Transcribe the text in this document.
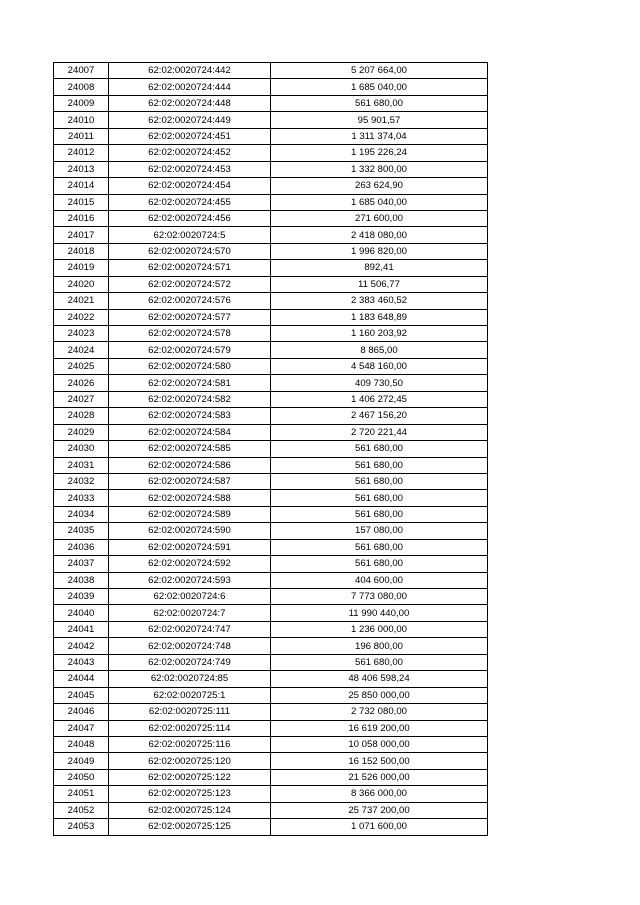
24007	62:02:0020724:442	5 207 664,00
24008	62:02:0020724:444	1 685 040,00
24009	62:02:0020724:448	561 680,00
24010	62:02:0020724:449	95 901,57
24011	62:02:0020724:451	1 311 374,04
24012	62:02:0020724:452	1 195 226,24
24013	62:02:0020724:453	1 332 800,00
24014	62:02:0020724:454	263 624,90
24015	62:02:0020724:455	1 685 040,00
24016	62:02:0020724:456	271 600,00
24017	62:02:0020724:5	2 418 080,00
24018	62:02:0020724:570	1 996 820,00
24019	62:02:0020724:571	892,41
24020	62:02:0020724:572	11 506,77
24021	62:02:0020724:576	2 383 460,52
24022	62:02:0020724:577	1 183 648,89
24023	62:02:0020724:578	1 160 203,92
24024	62:02:0020724:579	8 865,00
24025	62:02:0020724:580	4 548 160,00
24026	62:02:0020724:581	409 730,50
24027	62:02:0020724:582	1 406 272,45
24028	62:02:0020724:583	2 467 156,20
24029	62:02:0020724:584	2 720 221,44
24030	62:02:0020724:585	561 680,00
24031	62:02:0020724:586	561 680,00
24032	62:02:0020724:587	561 680,00
24033	62:02:0020724:588	561 680,00
24034	62:02:0020724:589	561 680,00
24035	62:02:0020724:590	157 080,00
24036	62:02:0020724:591	561 680,00
24037	62:02:0020724:592	561 680,00
24038	62:02:0020724:593	404 600,00
24039	62:02:0020724:6	7 773 080,00
24040	62:02:0020724:7	11 990 440,00
24041	62:02:0020724:747	1 236 000,00
24042	62:02:0020724:748	196 800,00
24043	62:02:0020724:749	561 680,00
24044	62:02:0020724:85	48 406 598,24
24045	62:02:0020725:1	25 850 000,00
24046	62:02:0020725:111	2 732 080,00
24047	62:02:0020725:114	16 619 200,00
24048	62:02:0020725:116	10 058 000,00
24049	62:02:0020725:120	16 152 500,00
24050	62:02:0020725:122	21 526 000,00
24051	62:02:0020725:123	8 366 000,00
24052	62:02:0020725:124	25 737 200,00
24053	62:02:0020725:125	1 071 600,00
